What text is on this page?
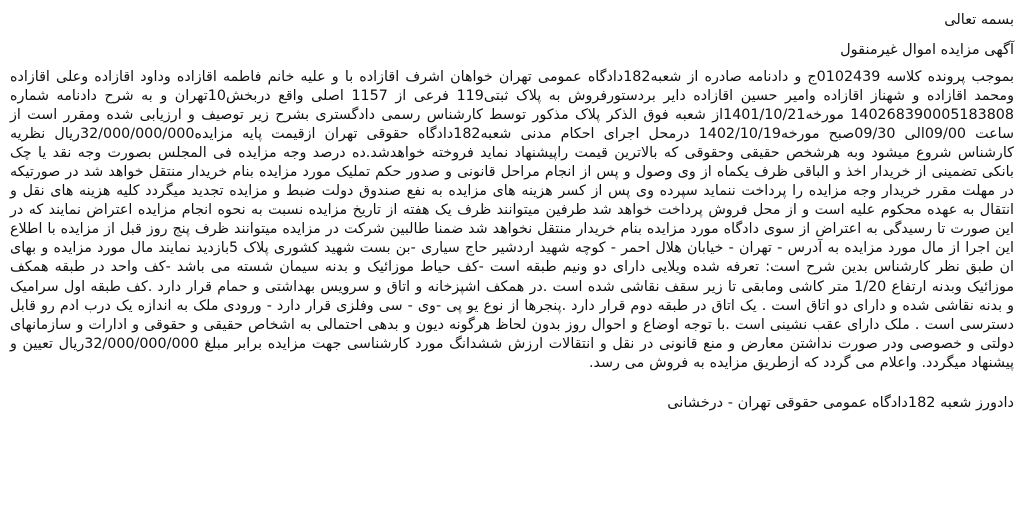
بسمه تعالی

آگهی مزایده اموال غیرمنقول

بموجب پرونده کلاسه 0102439ج و دادنامه صادره از شعبه182دادگاه عمومی تهران خواهان اشرف اقازاده با و علیه خانم فاطمه اقازاده وداود اقازاده وعلی اقازاده ومحمد اقازاده و شهناز اقازاده وامیر حسین اقازاده دایر بردستورفروش به پلاک ثبتی119 فرعی از 1157 اصلی واقع دربخش10تهران و به شرح دادنامه شماره 140268390005183808 مورخه1401/10/21از شعبه فوق الذکر پلاک مذکور توسط کارشناس رسمی دادگستری بشرح زیر توصیف و ارزیابی شده ومقرر است از ساعت 09/00الی 09/30صبح مورخه1402/10/19 درمحل اجرای احکام مدنی شعبه182دادگاه حقوقی تهران ازقیمت پایه مزایده32/000/000/000ریال نظریه کارشناس شروع میشود وبه هرشخص حقیقی وحقوقی که بالاترین قیمت راپیشنهاد نماید فروخته خواهدشد.ده درصد وجه مزایده فی المجلس بصورت وجه نقد یا چک بانکی تضمینی از خریدار اخذ و الباقی ظرف یکماه از وی وصول و پس از انجام مراحل قانونی و صدور حکم تملیک مورد مزایده بنام خریدار منتقل خواهد شد در صورتیکه در مهلت مقرر خریدار وجه مزایده را پرداخت ننماید سپرده وی پس از کسر هزینه های مزایده به نفع صندوق دولت ضبط و مزایده تجدید میگردد کلیه هزینه های نقل و انتقال به عهده محکوم علیه است و از محل فروش پرداخت خواهد شد طرفین میتوانند ظرف یک هفته از تاریخ مزایده نسبت به نحوه انجام مزایده اعتراض نمایند که در این صورت تا رسیدگی به اعتراض از سوی دادگاه مورد مزایده بنام خریدار منتقل نخواهد شد ضمنا طالبین شرکت در مزایده میتوانند ظرف پنج روز قبل از مزایده با اطلاع این اجرا از مال مورد مزایده به آدرس - تهران - خیابان هلال احمر - کوچه شهید اردشیر حاج سیاری -بن بست شهید کشوری پلاک 5بازدید نمایند مال مورد مزایده و بهای ان طبق نظر کارشناس بدین شرح است: تعرفه شده ویلایی دارای دو ونیم طبقه است -کف حیاط موزائیک و بدنه سیمان شسته می باشد -کف واحد در طبقه همکف موزائیک وبدنه ارتفاع 1/20 متر کاشی ومابقی تا زیر سقف نقاشی شده است .در همکف اشپزخانه و اتاق و سرویس بهداشتی و حمام قرار دارد .کف طبقه اول سرامیک و بدنه نقاشی شده و دارای دو اتاق است . یک اتاق در طبقه دوم قرار دارد .پنجرها از نوع یو پی -وی - سی وفلزی قرار دارد - ورودی ملک به اندازه یک درب ادم رو قابل دسترسی است . ملک دارای عقب نشینی است .با توجه اوضاع و احوال روز بدون لحاظ هرگونه دیون و بدهی احتمالی به اشخاص حقیقی و حقوقی و ادارات و سازمانهای دولتی و خصوصی ودر صورت نداشتن معارض و منع قانونی در نقل و انتقالات ارزش ششدانگ مورد کارشناسی جهت مزایده برابر مبلغ 32/000/000/000ریال تعیین و پیشنهاد میگردد. واعلام می گردد که ازطریق مزایده به فروش می رسد.

دادورز شعبه 182دادگاه عمومی حقوقی تهران - درخشانی
